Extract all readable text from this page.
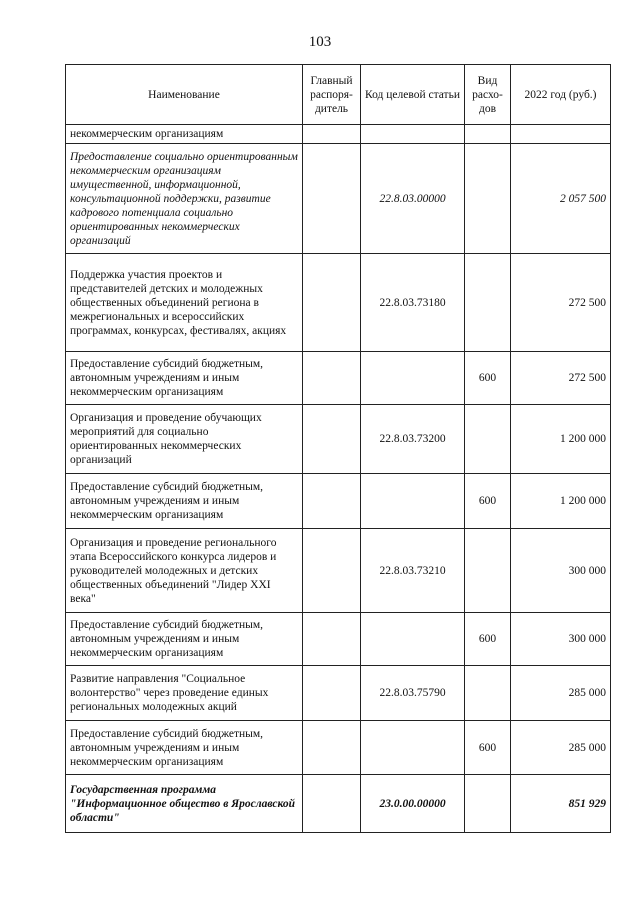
103
Наименование	Главный распоря-дитель	Код целевой статьи	Вид расхо-дов	2022 год (руб.)
некоммерческим организациям				
Предоставление социально ориентированным некоммерческим организациям имущественной, информационной, консультационной поддержки, развитие кадрового потенциала социально ориентированных некоммерческих организаций		22.8.03.00000		2 057 500
Поддержка участия проектов и представителей детских и молодежных общественных объединений региона в межрегиональных и всероссийских программах, конкурсах, фестивалях, акциях		22.8.03.73180		272 500
Предоставление субсидий бюджетным, автономным учреждениям и иным некоммерческим организациям			600	272 500
Организация и проведение обучающих мероприятий для социально ориентированных некоммерческих организаций		22.8.03.73200		1 200 000
Предоставление субсидий бюджетным, автономным учреждениям и иным некоммерческим организациям			600	1 200 000
Организация и проведение регионального этапа Всероссийского конкурса лидеров и руководителей молодежных и детских общественных объединений "Лидер XXI века"		22.8.03.73210		300 000
Предоставление субсидий бюджетным, автономным учреждениям и иным некоммерческим организациям			600	300 000
Развитие направления "Социальное волонтерство" через проведение единых региональных молодежных акций		22.8.03.75790		285 000
Предоставление субсидий бюджетным, автономным учреждениям и иным некоммерческим организациям			600	285 000
Государственная программа "Информационное общество в Ярославской области"		23.0.00.00000		851 929
